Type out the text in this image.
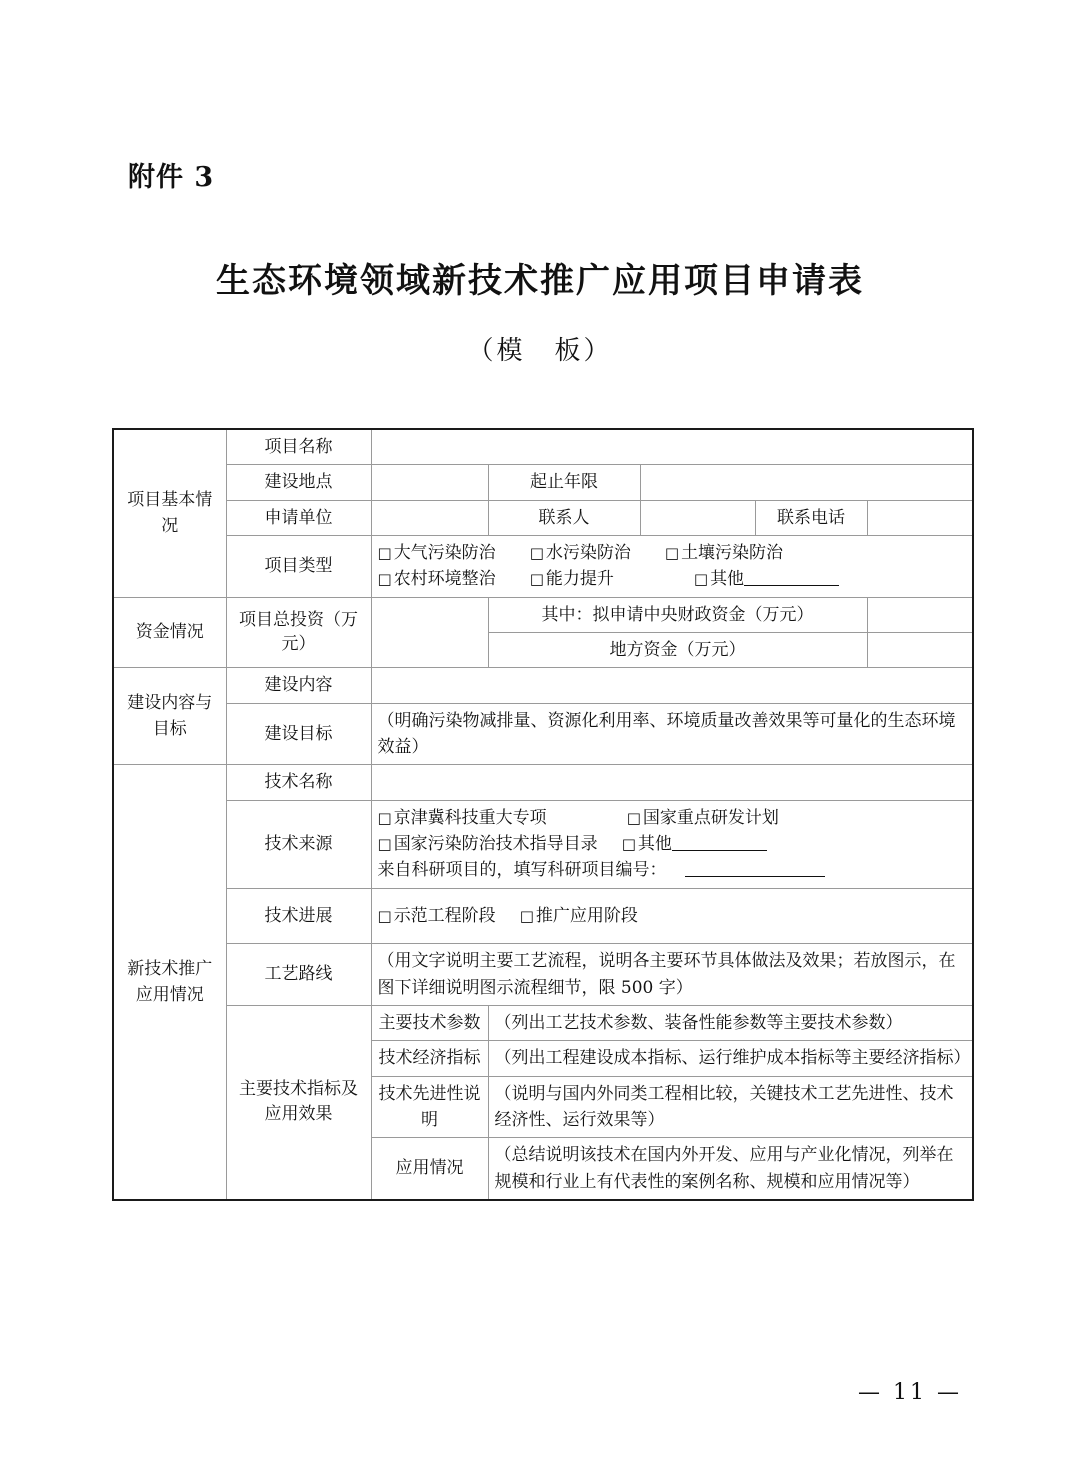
附件 3
生态环境领域新技术推广应用项目申请表
（模　板）
项目基本情况	项目名称					
	建设地点		起止年限			
	申请单位		联系人		联系电话	
	项目类型	□ 大气污染防治 □ 水污染防治 □ 土壤污染防治
□ 农村环境整治 □ 能力提升 □ 其他				

资金情况	项目总投资（万元）		其中：拟申请中央财政资金（万元）			
			地方资金（万元）			
建设内容与目标	建设内容					
	建设目标	（明确污染物减排量、资源化利用率、环境质量改善效果等可量化的生态环境效益）				
新技术推广应用情况	技术名称					
	技术来源	□ 京津冀科技重大专项 □ 国家重点研发计划
□ 国家污染防治技术指导目录 □ 其他
来自科研项目的，填写科研项目编号：				

	技术进展	□ 示范工程阶段 □ 推广应用阶段				
	工艺路线	（用文字说明主要工艺流程，说明各主要环节具体做法及效果；若放图示，在图下详细说明图示流程细节，限 500 字）				
	主要技术指标及应用效果	主要技术参数	（列出工艺技术参数、装备性能参数等主要技术参数）			
		技术经济指标	（列出工程建设成本指标、运行维护成本指标等主要经济指标）			
		技术先进性说明	（说明与国内外同类工程相比较，关键技术工艺先进性、技术经济性、运行效果等）			
		应用情况	（总结说明该技术在国内外开发、应用与产业化情况，列举在规模和行业上有代表性的案例名称、规模和应用情况等）			
— 11 —
